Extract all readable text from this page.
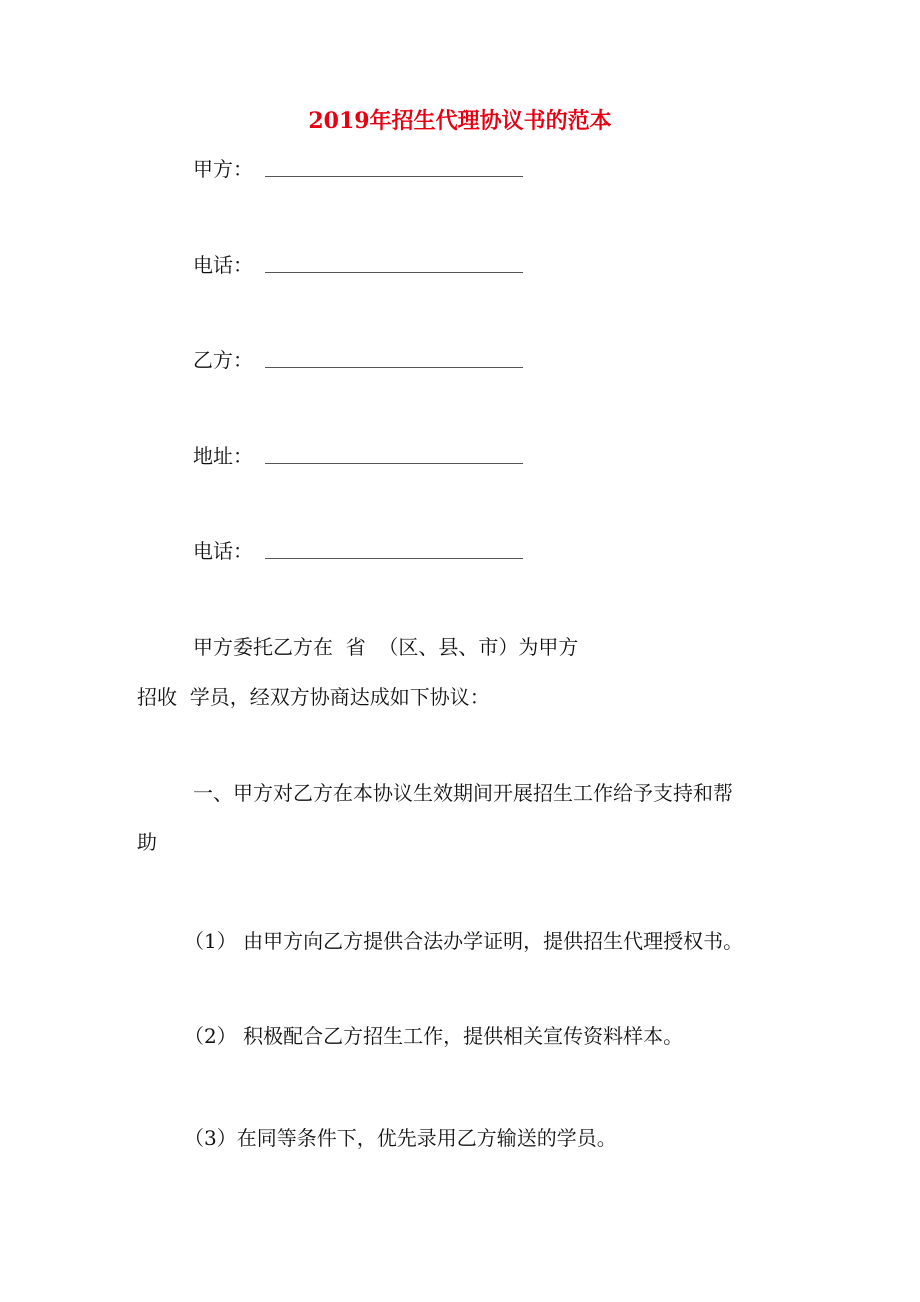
2019年招生代理协议书的范本
甲方：
电话：
乙方：
地址：
电话：
甲方委托乙方在  省  （区、县、市）为甲方
招收  学员，经双方协商达成如下协议：
一、甲方对乙方在本协议生效期间开展招生工作给予支持和帮
助
（1） 由甲方向乙方提供合法办学证明，提供招生代理授权书。
（2） 积极配合乙方招生工作，提供相关宣传资料样本。
（3）在同等条件下，优先录用乙方输送的学员。
